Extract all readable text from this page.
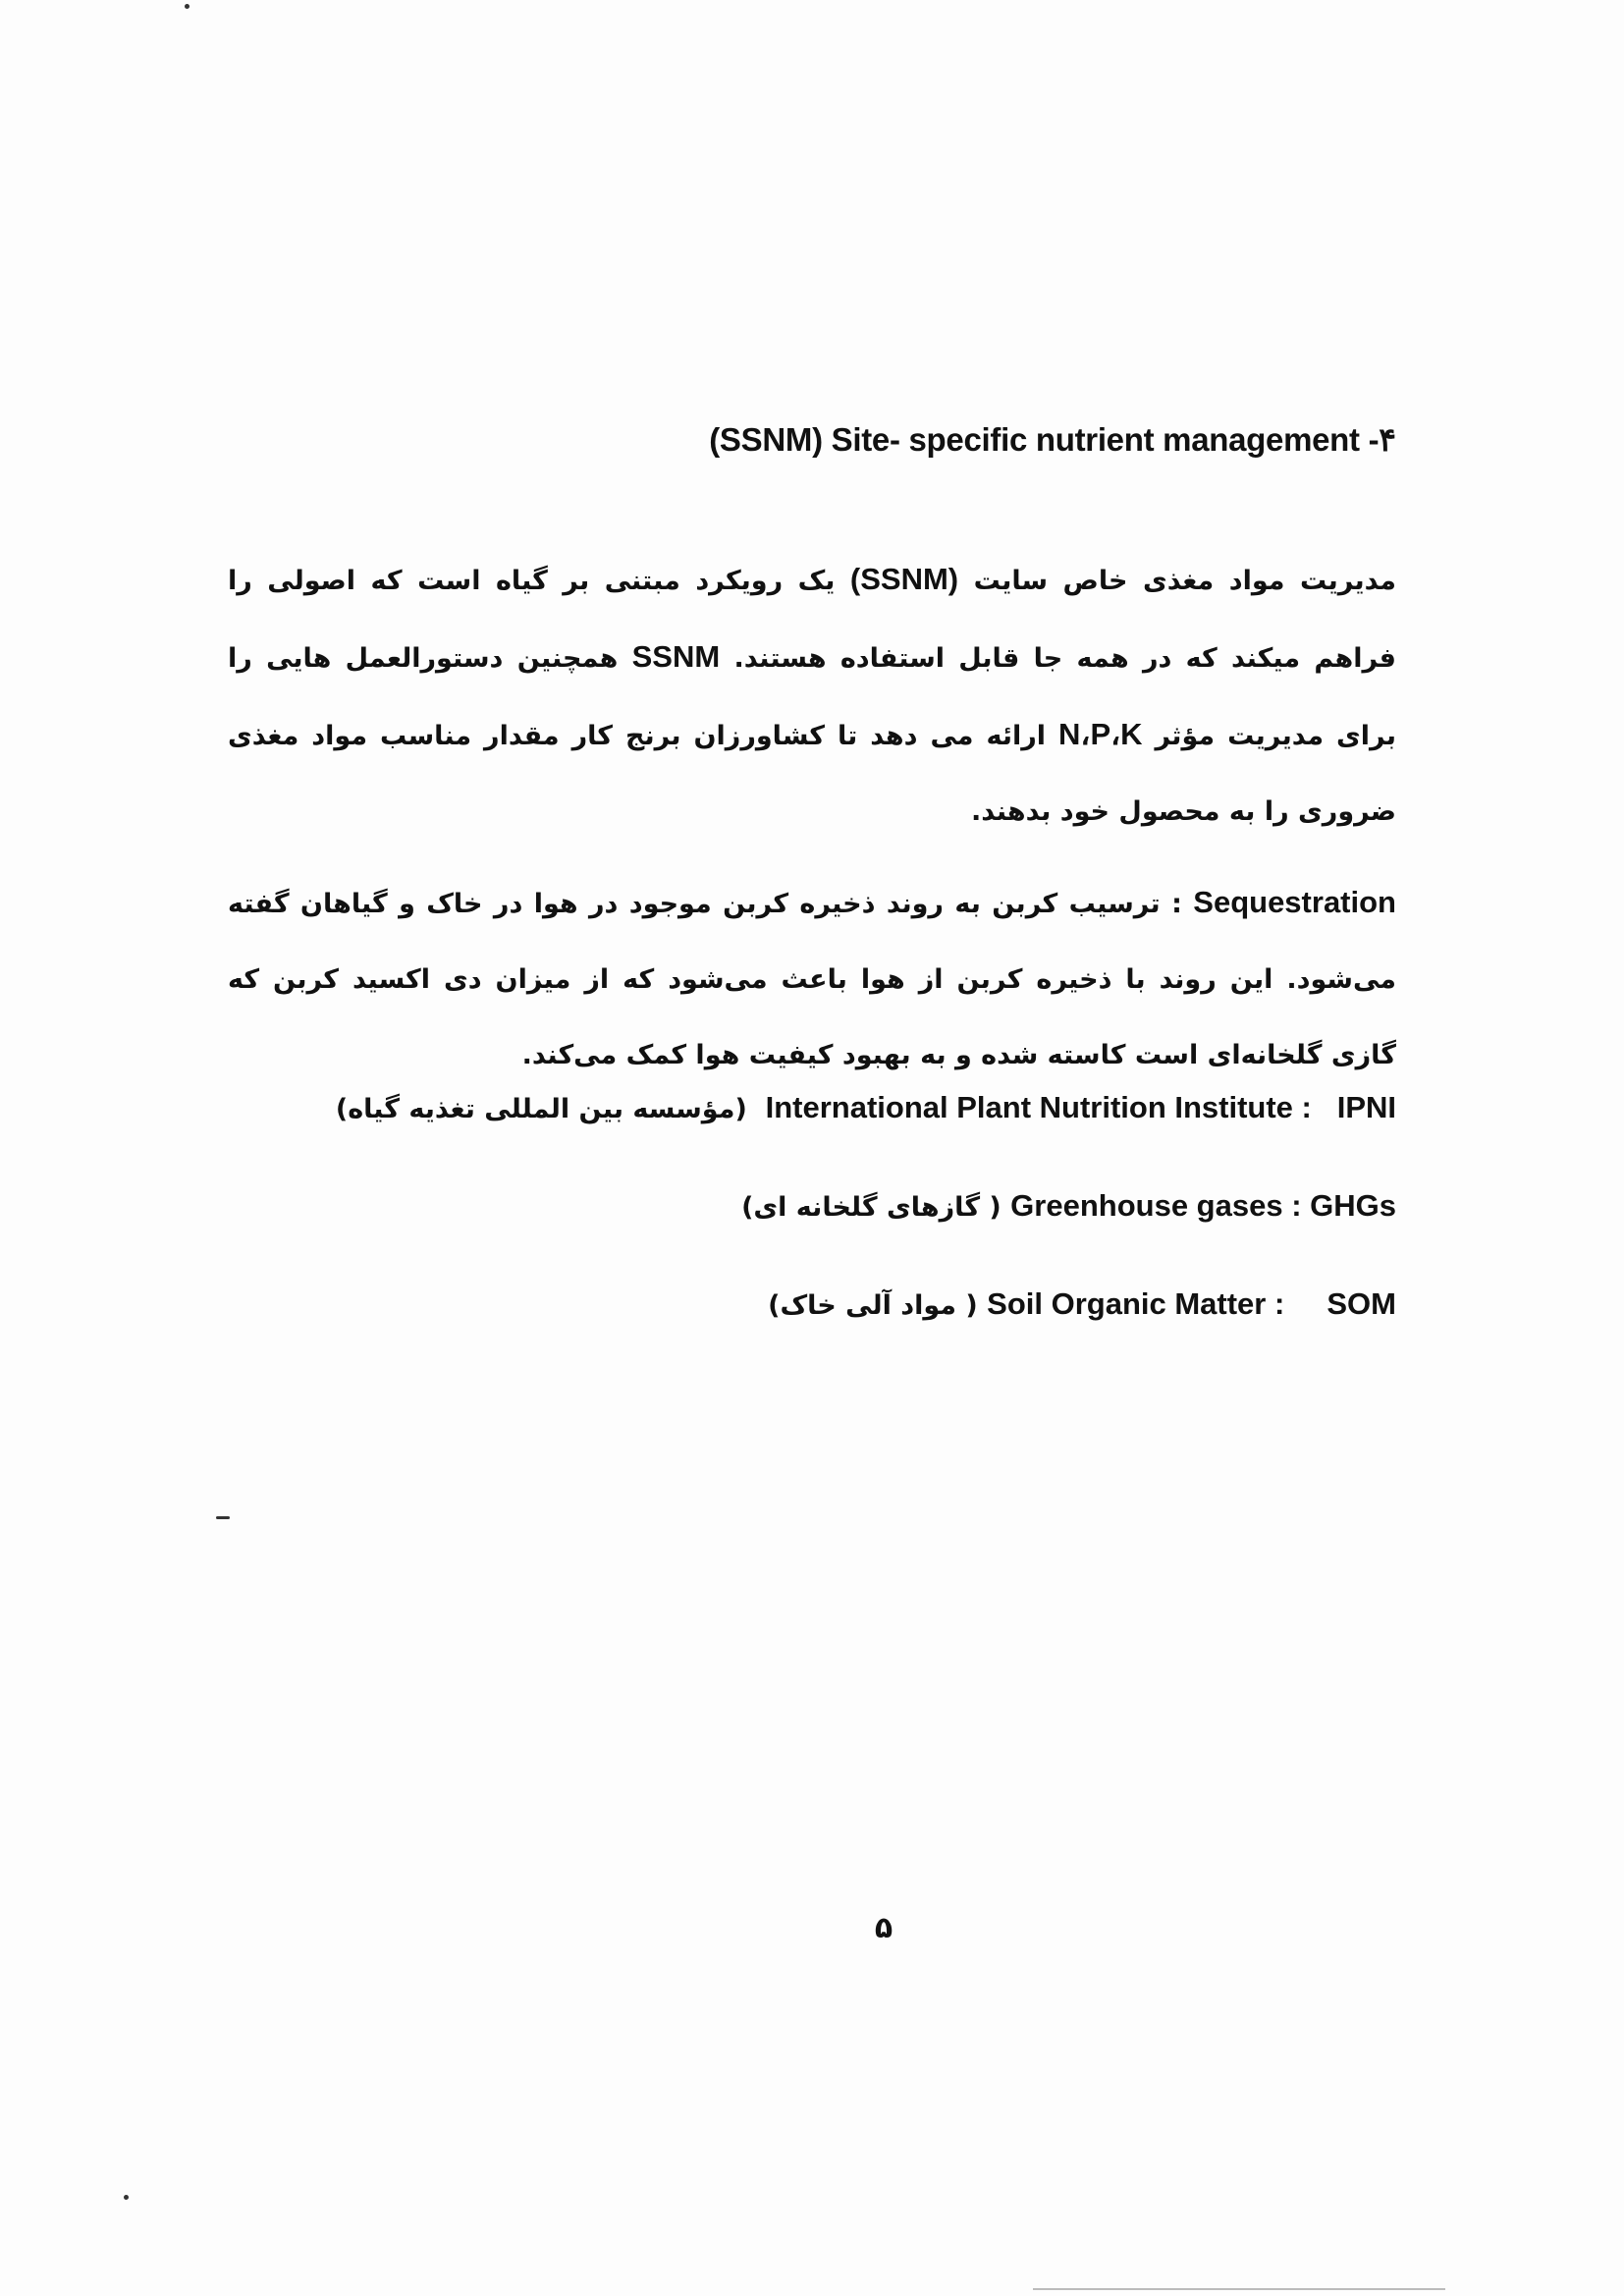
(SSNM) Site- specific nutrient management -۴

مدیریت مواد مغذی خاص سایت (SSNM) یک رویکرد مبتنی بر گیاه است که اصولی را فراهم میکند که در همه جا قابل استفاده هستند. SSNM همچنین دستورالعمل هایی را برای مدیریت مؤثر N،P،K ارائه می دهد تا کشاورزان برنج کار مقدار مناسب مواد مغذی ضروری را به محصول خود بدهند.

Sequestration : ترسیب کربن به روند ذخیره کربن موجود در هوا در خاک و گیاهان گفته می‌شود. این روند با ذخیره کربن از هوا باعث می‌شود که از میزان دی اکسید کربن که گازی گلخانه‌ای است کاسته شده و به بهبود کیفیت هوا کمک می‌کند.

IPNI :   International Plant Nutrition Institute  (مؤسسه بین المللی تغذیه گیاه)
GHGs : Greenhouse gases ( گازهای گلخانه ای)
SOM :     Soil Organic Matter ( مواد آلی خاک)
۵
